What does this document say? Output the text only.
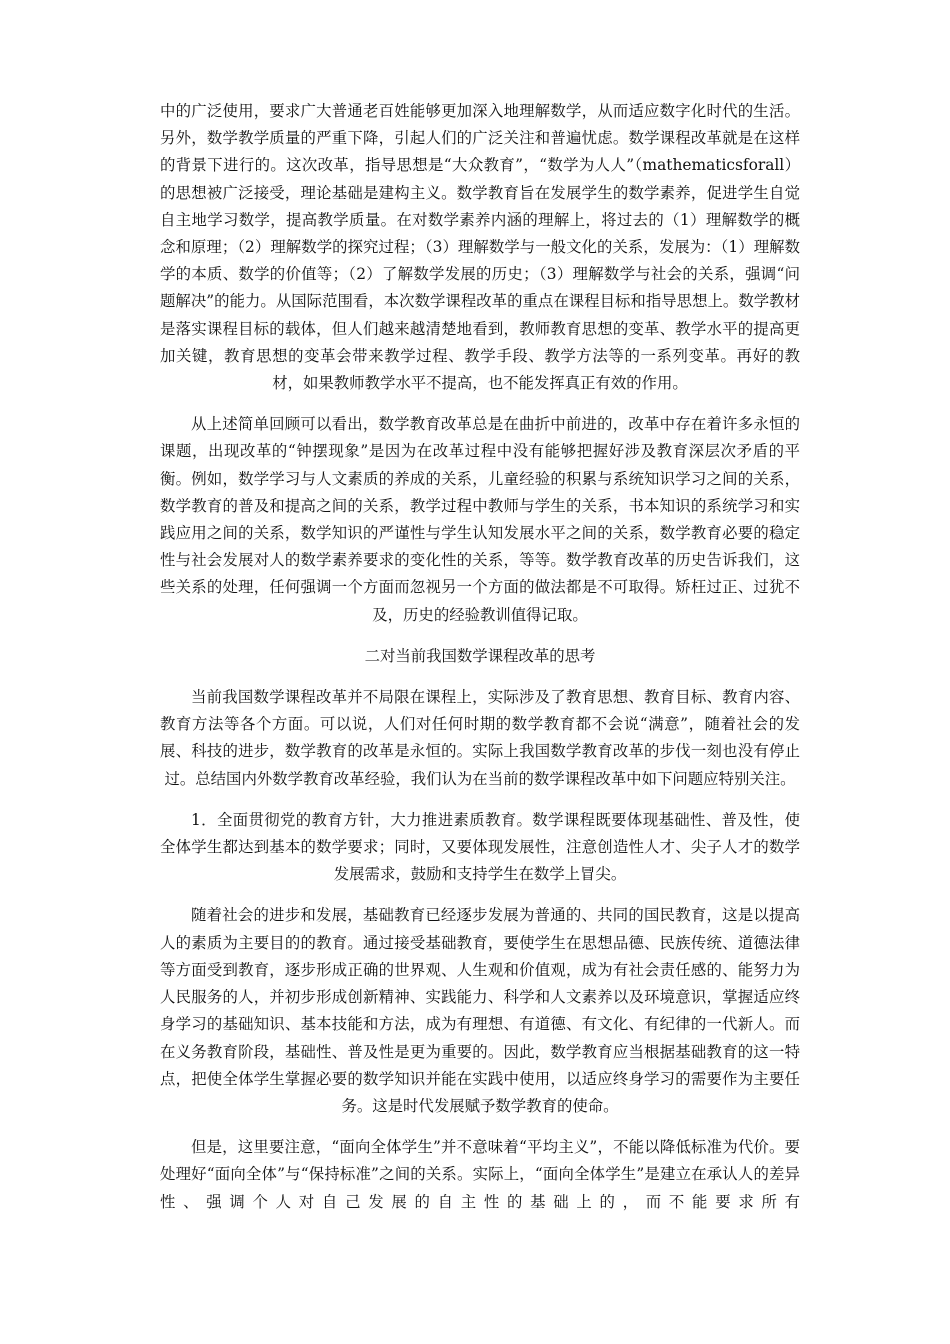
中的广泛使用，要求广大普通老百姓能够更加深入地理解数学，从而适应数字化时代的生活。另外，数学教学质量的严重下降，引起人们的广泛关注和普遍忧虑。数学课程改革就是在这样的背景下进行的。这次改革，指导思想是“大众教育”，“数学为人人”（mathematicsforall）的思想被广泛接受，理论基础是建构主义。数学教育旨在发展学生的数学素养，促进学生自觉自主地学习数学，提高教学质量。在对数学素养内涵的理解上，将过去的（1）理解数学的概念和原理；（2）理解数学的探究过程；（3）理解数学与一般文化的关系，发展为：（1）理解数学的本质、数学的价值等；（2）了解数学发展的历史；（3）理解数学与社会的关系，强调“问题解决”的能力。从国际范围看，本次数学课程改革的重点在课程目标和指导思想上。数学教材是落实课程目标的载体，但人们越来越清楚地看到，教师教育思想的变革、教学水平的提高更加关键，教育思想的变革会带来教学过程、教学手段、教学方法等的一系列变革。再好的教材，如果教师教学水平不提高，也不能发挥真正有效的作用。

从上述简单回顾可以看出，数学教育改革总是在曲折中前进的，改革中存在着许多永恒的课题，出现改革的“钟摆现象”是因为在改革过程中没有能够把握好涉及教育深层次矛盾的平衡。例如，数学学习与人文素质的养成的关系，儿童经验的积累与系统知识学习之间的关系，数学教育的普及和提高之间的关系，教学过程中教师与学生的关系，书本知识的系统学习和实践应用之间的关系，数学知识的严谨性与学生认知发展水平之间的关系，数学教育必要的稳定性与社会发展对人的数学素养要求的变化性的关系，等等。数学教育改革的历史告诉我们，这些关系的处理，任何强调一个方面而忽视另一个方面的做法都是不可取得。矫枉过正、过犹不及，历史的经验教训值得记取。

二对当前我国数学课程改革的思考

当前我国数学课程改革并不局限在课程上，实际涉及了教育思想、教育目标、教育内容、教育方法等各个方面。可以说，人们对任何时期的数学教育都不会说“满意”，随着社会的发展、科技的进步，数学教育的改革是永恒的。实际上我国数学教育改革的步伐一刻也没有停止过。总结国内外数学教育改革经验，我们认为在当前的数学课程改革中如下问题应特别关注。

1．全面贯彻党的教育方针，大力推进素质教育。数学课程既要体现基础性、普及性，使全体学生都达到基本的数学要求；同时，又要体现发展性，注意创造性人才、尖子人才的数学发展需求，鼓励和支持学生在数学上冒尖。

随着社会的进步和发展，基础教育已经逐步发展为普通的、共同的国民教育，这是以提高人的素质为主要目的的教育。通过接受基础教育，要使学生在思想品德、民族传统、道德法律等方面受到教育，逐步形成正确的世界观、人生观和价值观，成为有社会责任感的、能努力为人民服务的人，并初步形成创新精神、实践能力、科学和人文素养以及环境意识，掌握适应终身学习的基础知识、基本技能和方法，成为有理想、有道德、有文化、有纪律的一代新人。而在义务教育阶段，基础性、普及性是更为重要的。因此，数学教育应当根据基础教育的这一特点，把使全体学生掌握必要的数学知识并能在实践中使用，以适应终身学习的需要作为主要任务。这是时代发展赋予数学教育的使命。

但是，这里要注意，“面向全体学生”并不意味着“平均主义”，不能以降低标准为代价。要处理好“面向全体”与“保持标准”之间的关系。实际上，“面向全体学生”是建立在承认人的差异性、强调个人对自己发展的自主性的基础上的，而不能要求所有
